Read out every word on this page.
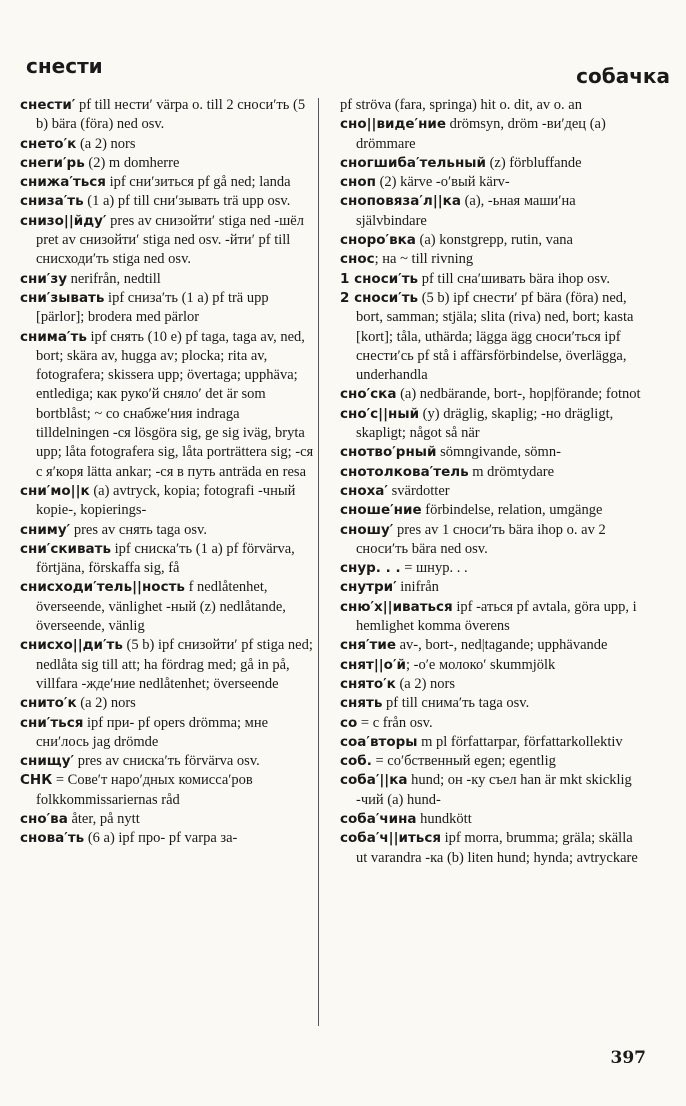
снести	собачка

снести′ pf till нести′ värpa o. till 2 сноси′ть (5 b) bära (föra) ned osv.

снето′к (a 2) nors

снеги′рь (2) m domherre

снижа′ться ipf сни′зиться pf gå ned; landa

сниза′ть (1 a) pf till сни′зывать trä upp osv.

снизо||йду′ pres av снизойти′ stiga ned -шёл pret av снизойти′ stiga ned osv. -йти′ pf till снисходи′ть stiga ned osv.

сни′зу nerifrån, nedtill

сни′зывать ipf сниза′ть (1 a) pf trä upp [pärlor]; brodera med pärlor

снима′ть ipf снять (10 e) pf taga, taga av, ned, bort; skära av, hugga av; plocka; rita av, fotografera; skissera upp; övertaga; upphäva; entlediga; как руко′й сняло′ det är som bortblåst; ~ со снабже′ния indraga tilldelningen -ся lösgöra sig, ge sig iväg, bryta upp; låta fotografera sig, låta porträttera sig; -ся с я′коря lätta ankar; -ся в путь anträda en resa

сни′мо||к (a) avtryck, kopia; fotografi -чный kopie-, kopierings-

сниму′ pres av снять taga osv.

сни′скивать ipf сниска′ть (1 a) pf förvärva, förtjäna, förskaffa sig, få

снисходи′тель||ность f nedlåtenhet, överseende, vänlighet -ный (z) nedlåtande, överseende, vänlig

снисхо||ди′ть (5 b) ipf снизойти′ pf stiga ned; nedlåta sig till att; ha fördrag med; gå in på, villfara -жде′ние nedlåtenhet; överseende

снито′к (a 2) nors

сни′ться ipf при- pf opers drömma; мне сни′лось jag drömde

снищу′ pres av сниска′ть förvärva osv.

СНК = Сове′т наро′дных комисса′ров folkkommissariernas råd

сно′ва åter, på nytt

снова′ть (6 a) ipf про- pf varpa за-

pf ströva (fara, springa) hit o. dit, av o. an

сно||виде′ние drömsyn, dröm -ви′дец (a) drömmare

сногшиба′тельный (z) förbluffande

сноп (2) kärve -о′вый kärv-

сноповяза′л||ка (a), -ьная маши′на självbindare

сноро′вка (a) konstgrepp, rutin, vana

снос; на ~ till rivning

1 сноси′ть pf till сна′шивать bära ihop osv.

2 сноси′ть (5 b) ipf снести′ pf bära (föra) ned, bort, samman; stjäla; slita (riva) ned, bort; kasta [kort]; tåla, uthärda; lägga ägg сноси′ться ipf снести′сь pf stå i affärsförbindelse, överlägga, underhandla

сно′ска (a) nedbärande, bort-, hop|förande; fotnot

сно′с||ный (y) dräglig, skaplig; -но drägligt, skapligt; något så när

снотво′рный sömngivande, sömn-

снотолкова′тель m drömtydare

сноха′ svärdotter

сноше′ние förbindelse, relation, umgänge

сношу′ pres av 1 сноси′ть bära ihop o. av 2 сноси′ть bära ned osv.

снур. . . = шнур. . .

снутри′ inifrån

сню′х||иваться ipf -аться pf avtala, göra upp, i hemlighet komma överens

сня′тие av-, bort-, ned|tagande; upphävande

снят||о′й; -о′е молоко′ skummjölk

снято′к (a 2) nors

снять pf till снима′ть taga osv.

со = с från osv.

соа′вторы m pl författarpar, författarkollektiv

соб. = со′бственный egen; egentlig

соба′||ка hund; он -ку съел han är mkt skicklig -чий (a) hund-

соба′чина hundkött

соба′ч||иться ipf morra, brumma; gräla; skälla ut varandra -ка (b) liten hund; hynda; avtryckare

397
